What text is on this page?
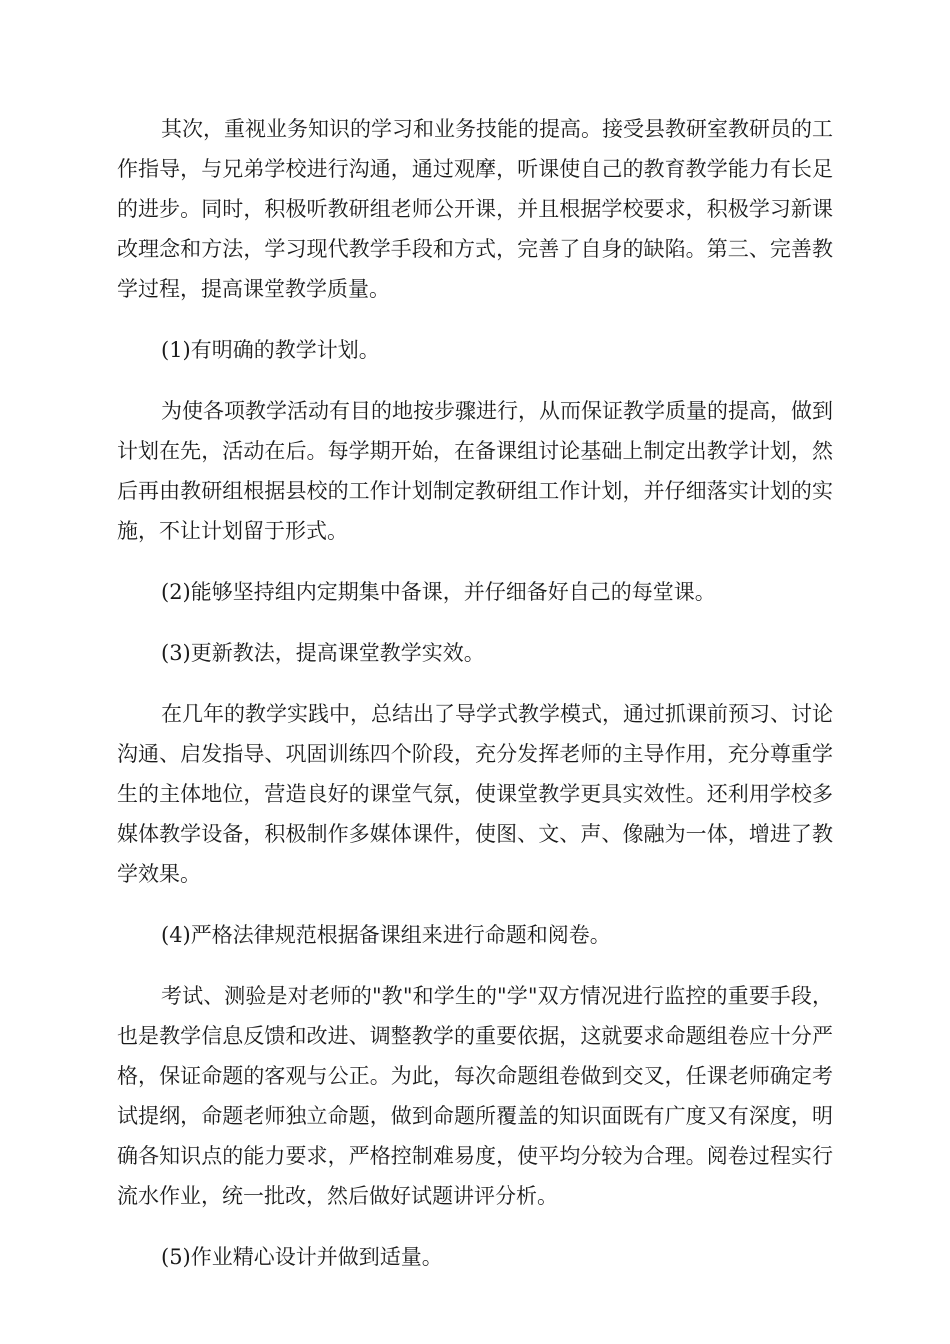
其次，重视业务知识的学习和业务技能的提高。接受县教研室教研员的工作指导，与兄弟学校进行沟通，通过观摩，听课使自己的教育教学能力有长足的进步。同时，积极听教研组老师公开课，并且根据学校要求，积极学习新课改理念和方法，学习现代教学手段和方式，完善了自身的缺陷。第三、完善教学过程，提高课堂教学质量。

(1)有明确的教学计划。

为使各项教学活动有目的地按步骤进行，从而保证教学质量的提高，做到计划在先，活动在后。每学期开始，在备课组讨论基础上制定出教学计划，然后再由教研组根据县校的工作计划制定教研组工作计划，并仔细落实计划的实施，不让计划留于形式。

(2)能够坚持组内定期集中备课，并仔细备好自己的每堂课。

(3)更新教法，提高课堂教学实效。

在几年的教学实践中，总结出了导学式教学模式，通过抓课前预习、讨论沟通、启发指导、巩固训练四个阶段，充分发挥老师的主导作用，充分尊重学生的主体地位，营造良好的课堂气氛，使课堂教学更具实效性。还利用学校多媒体教学设备，积极制作多媒体课件，使图、文、声、像融为一体，增进了教学效果。

(4)严格法律规范根据备课组来进行命题和阅卷。

考试、测验是对老师的"教"和学生的"学"双方情况进行监控的重要手段，也是教学信息反馈和改进、调整教学的重要依据，这就要求命题组卷应十分严格，保证命题的客观与公正。为此，每次命题组卷做到交叉，任课老师确定考试提纲，命题老师独立命题，做到命题所覆盖的知识面既有广度又有深度，明确各知识点的能力要求，严格控制难易度，使平均分较为合理。阅卷过程实行流水作业，统一批改，然后做好试题讲评分析。

(5)作业精心设计并做到适量。
